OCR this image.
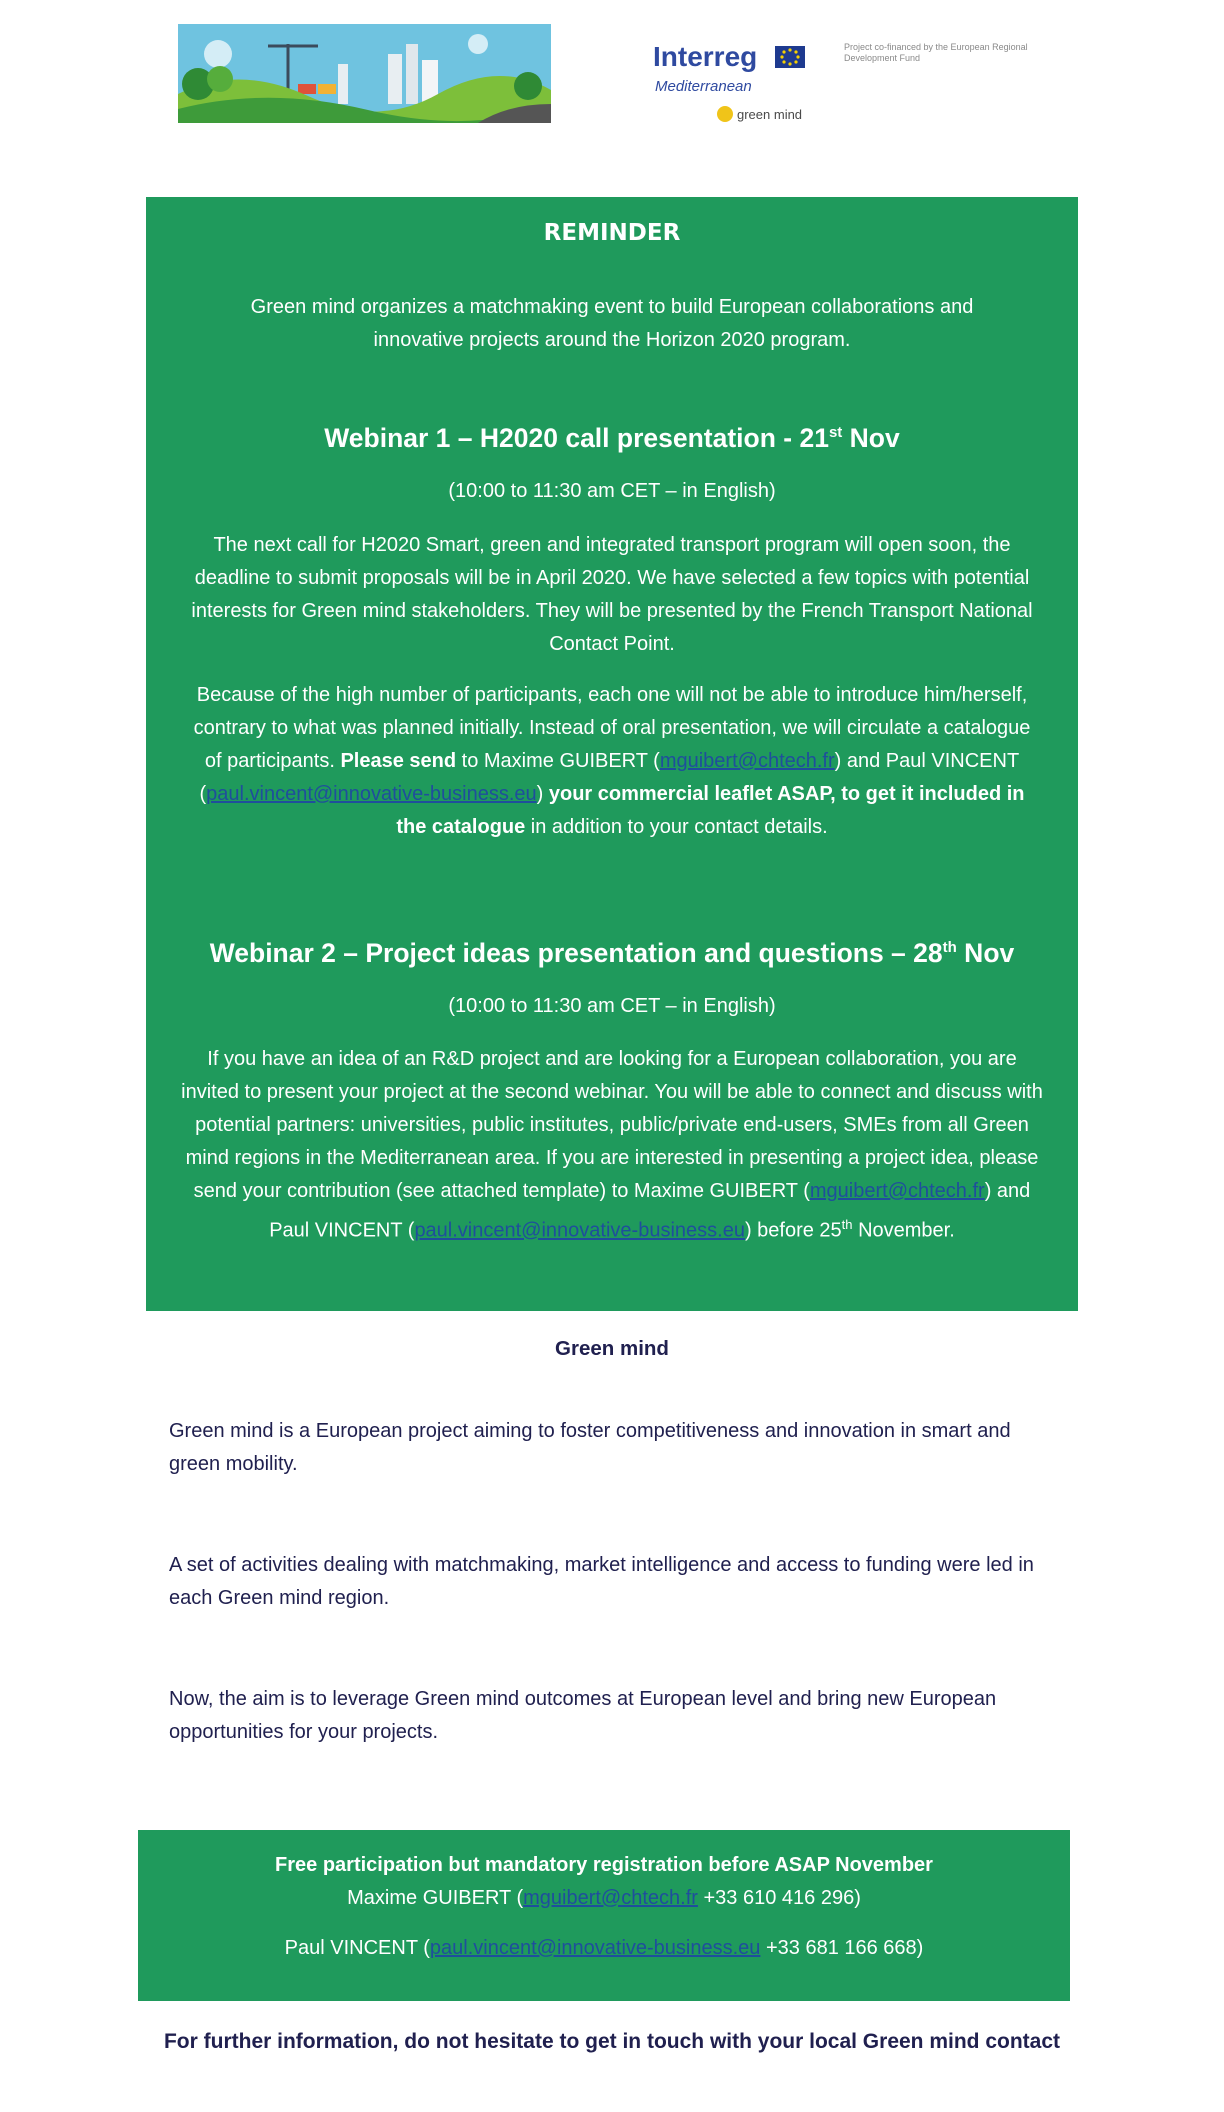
Interreg
Mediterranean
green mind
Project co-financed by the European Regional Development Fund
REMINDER

Green mind organizes a matchmaking event to build European collaborations and innovative projects around the Horizon 2020 program.

Webinar 1 – H2020 call presentation - 21st Nov

(10:00 to 11:30 am CET – in English)

The next call for H2020 Smart, green and integrated transport program will open soon, the deadline to submit proposals will be in April 2020. We have selected a few topics with potential interests for Green mind stakeholders. They will be presented by the French Transport National Contact Point.

Because of the high number of participants, each one will not be able to introduce him/herself, contrary to what was planned initially. Instead of oral presentation, we will circulate a catalogue of participants. Please send to Maxime GUIBERT (mguibert@chtech.fr) and Paul VINCENT (paul.vincent@innovative-business.eu) your commercial leaflet ASAP, to get it included in the catalogue in addition to your contact details.

Webinar 2 – Project ideas presentation and questions – 28th Nov

(10:00 to 11:30 am CET – in English)

If you have an idea of an R&D project and are looking for a European collaboration, you are invited to present your project at the second webinar. You will be able to connect and discuss with potential partners: universities, public institutes, public/private end-users, SMEs from all Green mind regions in the Mediterranean area. If you are interested in presenting a project idea, please send your contribution (see attached template) to Maxime GUIBERT (mguibert@chtech.fr) and Paul VINCENT (paul.vincent@innovative-business.eu) before 25th November.

Green mind

Green mind is a European project aiming to foster competitiveness and innovation in smart and green mobility.

A set of activities dealing with matchmaking, market intelligence and access to funding were led in each Green mind region.

Now, the aim is to leverage Green mind outcomes at European level and bring new European opportunities for your projects.

Free participation but mandatory registration before ASAP November

Maxime GUIBERT (mguibert@chtech.fr +33 610 416 296)

Paul VINCENT (paul.vincent@innovative-business.eu +33 681 166 668)

For further information, do not hesitate to get in touch with your local Green mind contact
